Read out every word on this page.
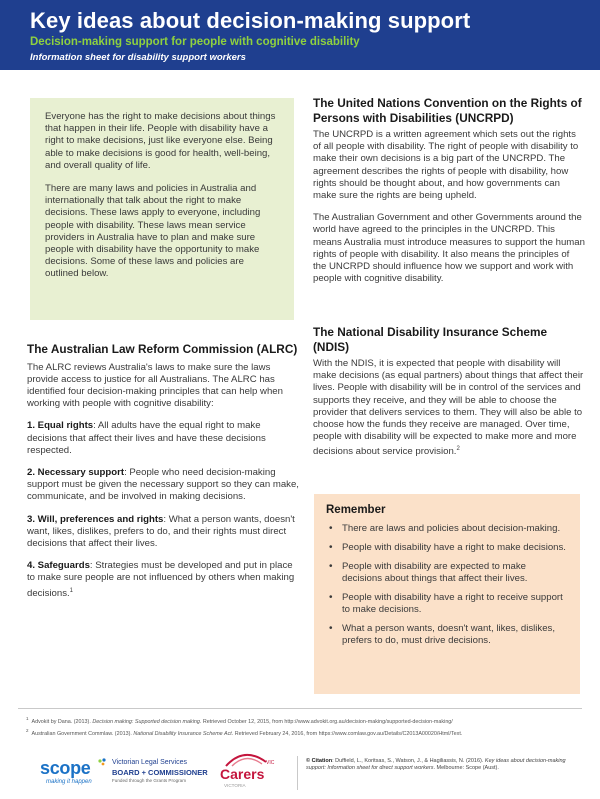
Key ideas about decision-making support
Decision-making support for people with cognitive disability
Information sheet for disability support workers
Everyone has the right to make decisions about things that happen in their life. People with disability have a right to make decisions, just like everyone else. Being able to make decisions is good for health, well-being, and overall quality of life.
There are many laws and policies in Australia and internationally that talk about the right to make decisions. These laws apply to everyone, including people with disability. These laws mean service providers in Australia have to plan and make sure people with disability have the opportunity to make decisions. Some of these laws and policies are outlined below.
The Australian Law Reform Commission (ALRC)
The ALRC reviews Australia's laws to make sure the laws provide access to justice for all Australians. The ALRC has identified four decision-making principles that can help when working with people with cognitive disability:
1. Equal rights: All adults have the equal right to make decisions that affect their lives and have these decisions respected.
2. Necessary support: People who need decision-making support must be given the necessary support so they can make, communicate, and be involved in making decisions.
3. Will, preferences and rights: What a person wants, doesn't want, likes, dislikes, prefers to do, and their rights must direct decisions that affect their lives.
4. Safeguards: Strategies must be developed and put in place to make sure people are not influenced by others when making decisions.$^1$
The United Nations Convention on the Rights of Persons with Disabilities (UNCRPD)
The UNCRPD is a written agreement which sets out the rights of all people with disability. The right of people with disability to make their own decisions is a big part of the UNCRPD. The agreement describes the rights of people with disability, how rights should be thought about, and how governments can make sure the rights are being upheld.
The Australian Government and other Governments around the world have agreed to the principles in the UNCRPD. This means Australia must introduce measures to support the human rights of people with disability. It also means the principles of the UNCRPD should influence how we support and work with people with cognitive disability.
The National Disability Insurance Scheme (NDIS)
With the NDIS, it is expected that people with disability will make decisions (as equal partners) about things that affect their lives. People with disability will be in control of the services and supports they receive, and they will be able to choose the provider that delivers services to them. They will also be able to choose how the funds they receive are managed. Over time, people with disability will be expected to make more and more decisions about service provision.$^2$
Remember
• There are laws and policies about decision-making.
• People with disability have a right to make decisions.
• People with disability are expected to make decisions about things that affect their lives.
• People with disability have a right to receive support to make decisions.
• What a person wants, doesn't want, likes, dislikes, prefers to do, must drive decisions.
$^1$  Advokit by Dana. (2013). Decision making: Supported decision making. Retrieved October 12, 2015, from http://www.advokit.org.au/decision-making/supported-decision-making/
$^2$  Australian Government Commlaw. (2013). National Disability Insurance Scheme Act. Retrieved February 24, 2016, from https://www.comlaw.gov.au/Details/C2013A00020/Html/Text.
scope
making it happen
Victorian Legal Services
BOARD + COMMISSIONER
Funded through the Grants Program
VIC
Carers
VICTORIA
© Citation: Duffield, L., Koritsas, S., Watson, J., & Hagiliassis, N. (2016). Key ideas about decision-making support: Information sheet for direct support workers. Melbourne: Scope (Aust).
